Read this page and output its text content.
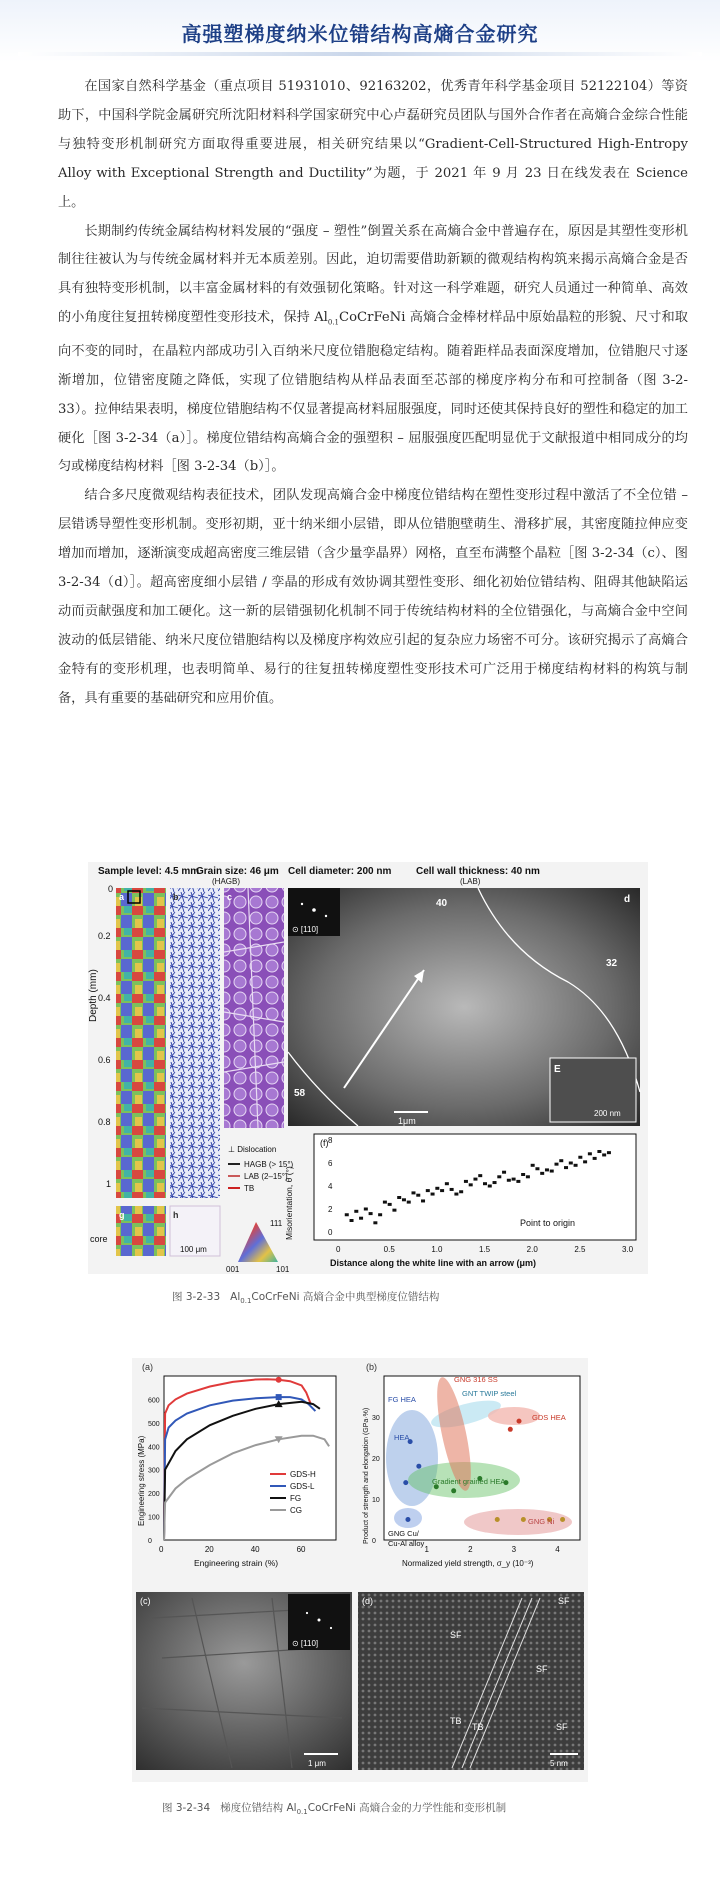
高强塑梯度纳米位错结构高熵合金研究

在国家自然科学基金（重点项目 51931010、92163202，优秀青年科学基金项目 52122104）等资助下，中国科学院金属研究所沈阳材料科学国家研究中心卢磊研究员团队与国外合作者在高熵合金综合性能与独特变形机制研究方面取得重要进展，相关研究结果以“Gradient-Cell-Structured High-Entropy Alloy with Exceptional Strength and Ductility”为题，于 2021 年 9 月 23 日在线发表在 Science 上。

长期制约传统金属结构材料发展的“强度 – 塑性”倒置关系在高熵合金中普遍存在，原因是其塑性变形机制往往被认为与传统金属材料并无本质差别。因此，迫切需要借助新颖的微观结构构筑来揭示高熵合金是否具有独特变形机制，以丰富金属材料的有效强韧化策略。针对这一科学难题，研究人员通过一种简单、高效的小角度往复扭转梯度塑性变形技术，保持 $Al_{0.1}CoCrFeNi$ 高熵合金棒材样品中原始晶粒的形貌、尺寸和取向不变的同时，在晶粒内部成功引入百纳米尺度位错胞稳定结构。随着距样品表面深度增加，位错胞尺寸逐渐增加，位错密度随之降低，实现了位错胞结构从样品表面至芯部的梯度序构分布和可控制备（图 3-2-33）。拉伸结果表明，梯度位错胞结构不仅显著提高材料屈服强度，同时还使其保持良好的塑性和稳定的加工硬化［图 3-2-34（a）］。梯度位错结构高熵合金的强塑积 – 屈服强度匹配明显优于文献报道中相同成分的均匀或梯度结构材料［图 3-2-34（b）］。

结合多尺度微观结构表征技术，团队发现高熵合金中梯度位错结构在塑性变形过程中激活了不全位错 – 层错诱导塑性变形机制。变形初期，亚十纳米细小层错，即从位错胞壁萌生、滑移扩展，其密度随拉伸应变增加而增加，逐渐演变成超高密度三维层错（含少量孪晶界）网格，直至布满整个晶粒［图 3-2-34（c）、图 3-2-34（d）］。超高密度细小层错 / 孪晶的形成有效协调其塑性变形、细化初始位错结构、阻碍其他缺陷运动而贡献强度和加工硬化。这一新的层错强韧化机制不同于传统结构材料的全位错强化，与高熵合金中空间波动的低层错能、纳米尺度位错胞结构以及梯度序构效应引起的复杂应力场密不可分。该研究揭示了高熵合金特有的变形机理，也表明简单、易行的往复扭转梯度塑性变形技术可广泛用于梯度结构材料的构筑与制备，具有重要的基础研究和应用价值。

Sample level: 4.5 mm
Grain size: 46 μm
(HAGB)
Cell diameter: 200 nm Cell wall thickness: 40 nm
(LAB)
Depth (mm)
0
0.2
0.4
0.6
0.8
1
core
a
g
b
h
100 μm
c
⊥ Dislocation
HAGB (> 15°)
LAB (2–15°)
TB
111
001	101
⊙ [110]
40
32
58
d
E
200 nm
1μm
(f)
Point to origin
Misorientation, θ (°)
Distance along the white line with an arrow (μm)
0	0.5	1.0	1.5	2.0	2.5	3.0
0
2
4
6
8
图 3-2-33 $Al_{0.1}CoCrFeNi$ 高熵合金中典型梯度位错结构
(a)
Engineering stress (MPa)
Engineering strain (%)
0	20	40	60
0
100
200
300
400
500
600
GDS-H
GDS-L
FG
CG
(b)
Product of strength and elongation (GPa·%)
Normalized yield strength, σ_y (10⁻³)
1	2	3	4
0
10
20
30
GNG 316 SS
GNT TWIP steel
FG HEA
HEA
GDS HEA
Gradient grained HEA
GNG Ni
GNG Cu/
Cu-Al alloy
⊙ [110]
(c)
1 μm
(d)	SF
SF
SF
SF
TB
TB
5 nm
图 3-2-34 梯度位错结构 $Al_{0.1}CoCrFeNi$ 高熵合金的力学性能和变形机制
